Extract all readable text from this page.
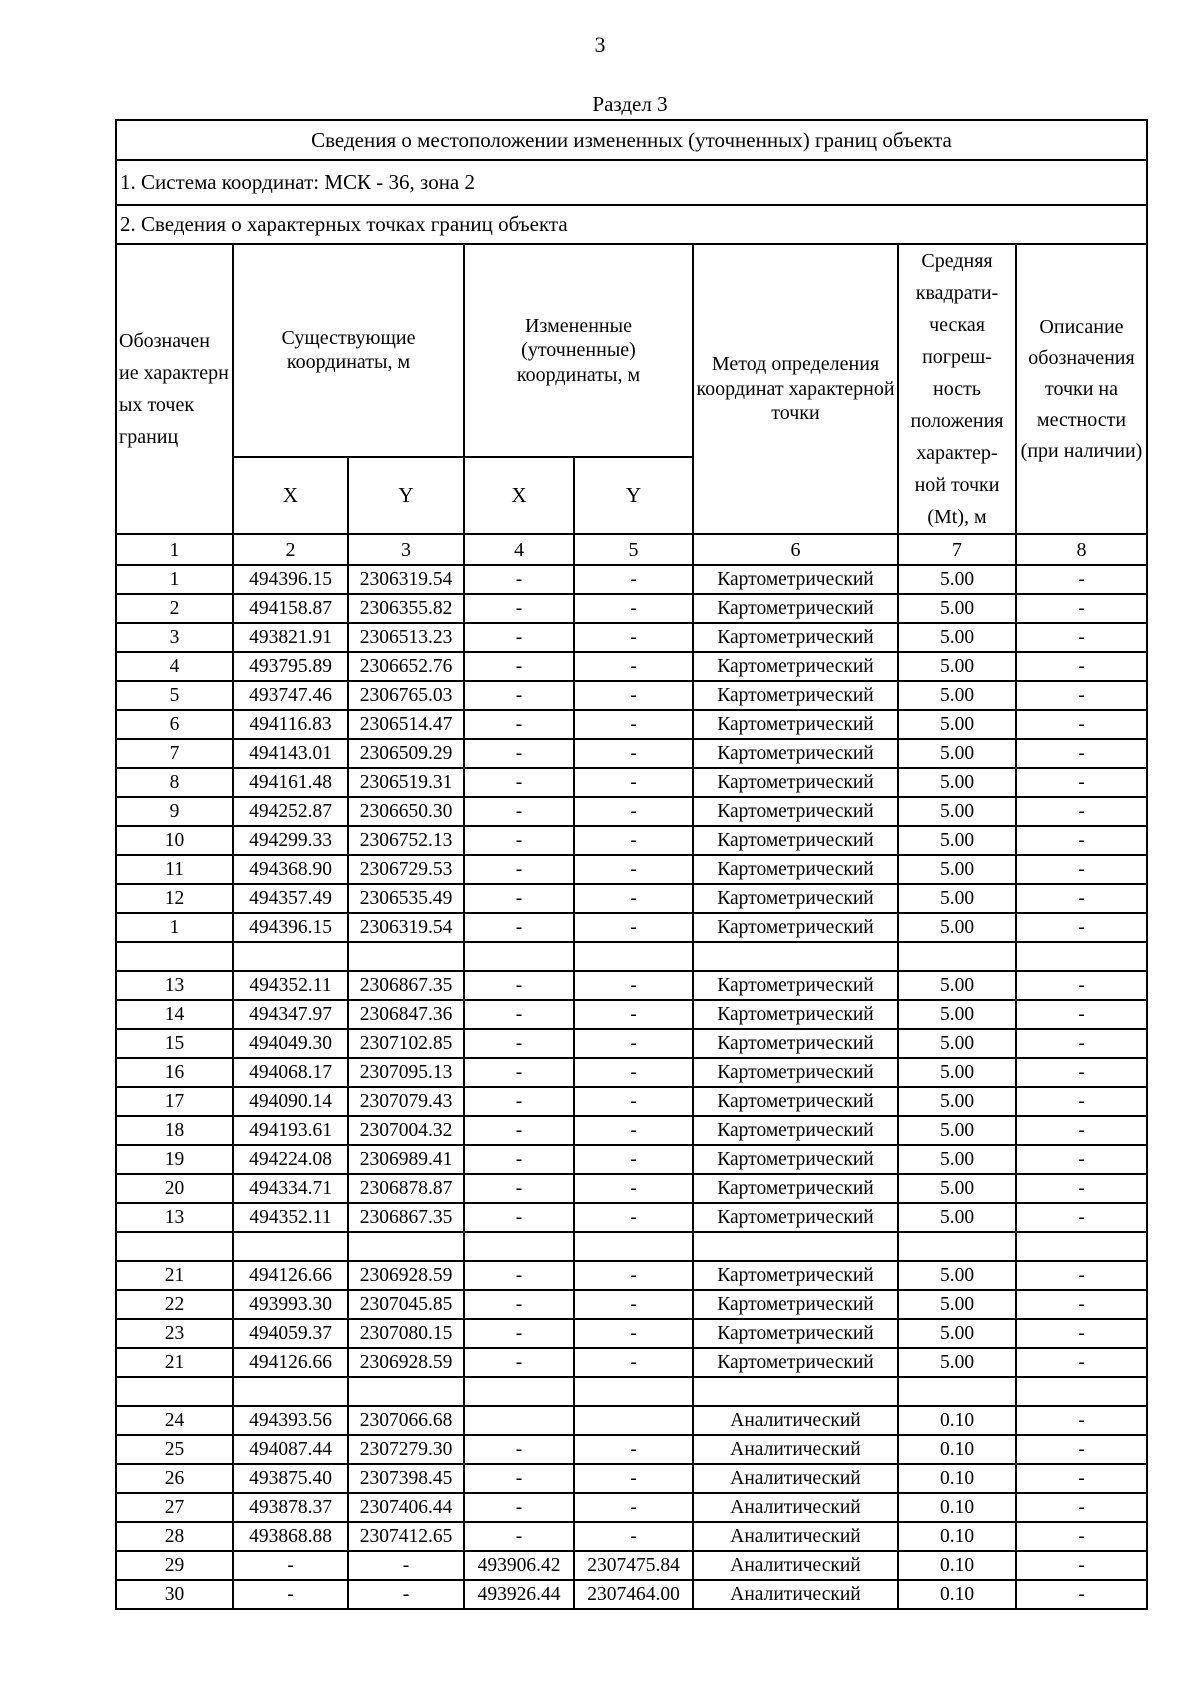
3
Раздел 3
Сведения о местоположении измененных (уточненных) границ объекта							
1. Система координат: МСК - 36, зона 2							
2. Сведения о характерных точках границ объекта							
Обозначен ие характерн ых точек границ	Существующие координаты, м		Измененные (уточненные) координаты, м		Метод определения координат характерной точки	Средняя квадрати- ческая погреш- ность положения характер- ной точки (Mt), м	Описание обозначения точки на местности (при наличии)
	X	Y	X	Y			
1	2	3	4	5	6	7	8
1	494396.15	2306319.54	-	-	Картометрический	5.00	-
2	494158.87	2306355.82	-	-	Картометрический	5.00	-
3	493821.91	2306513.23	-	-	Картометрический	5.00	-
4	493795.89	2306652.76	-	-	Картометрический	5.00	-
5	493747.46	2306765.03	-	-	Картометрический	5.00	-
6	494116.83	2306514.47	-	-	Картометрический	5.00	-
7	494143.01	2306509.29	-	-	Картометрический	5.00	-
8	494161.48	2306519.31	-	-	Картометрический	5.00	-
9	494252.87	2306650.30	-	-	Картометрический	5.00	-
10	494299.33	2306752.13	-	-	Картометрический	5.00	-
11	494368.90	2306729.53	-	-	Картометрический	5.00	-
12	494357.49	2306535.49	-	-	Картометрический	5.00	-
1	494396.15	2306319.54	-	-	Картометрический	5.00	-

13	494352.11	2306867.35	-	-	Картометрический	5.00	-
14	494347.97	2306847.36	-	-	Картометрический	5.00	-
15	494049.30	2307102.85	-	-	Картометрический	5.00	-
16	494068.17	2307095.13	-	-	Картометрический	5.00	-
17	494090.14	2307079.43	-	-	Картометрический	5.00	-
18	494193.61	2307004.32	-	-	Картометрический	5.00	-
19	494224.08	2306989.41	-	-	Картометрический	5.00	-
20	494334.71	2306878.87	-	-	Картометрический	5.00	-
13	494352.11	2306867.35	-	-	Картометрический	5.00	-

21	494126.66	2306928.59	-	-	Картометрический	5.00	-
22	493993.30	2307045.85	-	-	Картометрический	5.00	-
23	494059.37	2307080.15	-	-	Картометрический	5.00	-
21	494126.66	2306928.59	-	-	Картометрический	5.00	-

24	494393.56	2307066.68			Аналитический	0.10	-
25	494087.44	2307279.30	-	-	Аналитический	0.10	-
26	493875.40	2307398.45	-	-	Аналитический	0.10	-
27	493878.37	2307406.44	-	-	Аналитический	0.10	-
28	493868.88	2307412.65	-	-	Аналитический	0.10	-
29	-	-	493906.42	2307475.84	Аналитический	0.10	-
30	-	-	493926.44	2307464.00	Аналитический	0.10	-
